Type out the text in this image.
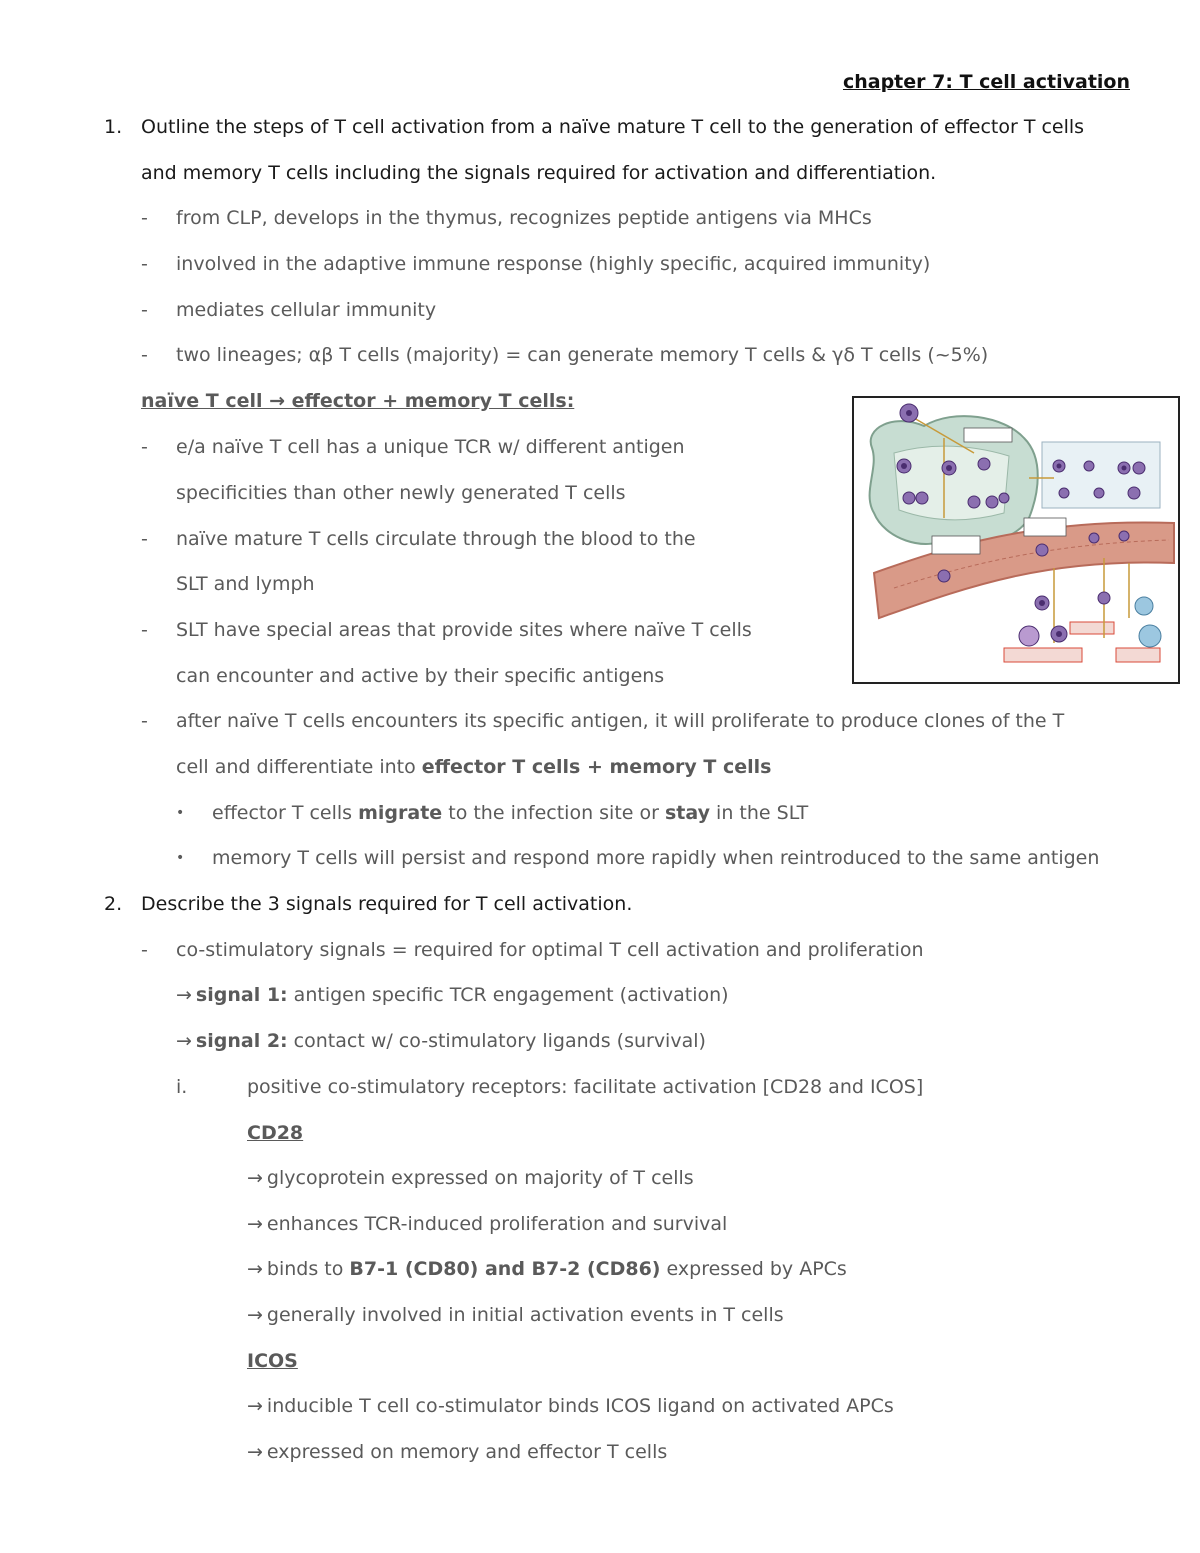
chapter 7: T cell activation
1. Outline the steps of T cell activation from a naïve mature T cell to the generation of effector T cells
and memory T cells including the signals required for activation and differentiation.
- from CLP, develops in the thymus, recognizes peptide antigens via MHCs
- involved in the adaptive immune response (highly specific, acquired immunity)
- mediates cellular immunity
- two lineages; αβ T cells (majority) = can generate memory T cells & γδ T cells (~5%)
naïve T cell → effector + memory T cells:
- e/a naïve T cell has a unique TCR w/ different antigen
specificities than other newly generated T cells
- naïve mature T cells circulate through the blood to the
SLT and lymph
- SLT have special areas that provide sites where naïve T cells
can encounter and active by their specific antigens
- after naïve T cells encounters its specific antigen, it will proliferate to produce clones of the T
cell and differentiate into effector T cells + memory T cells
• effector T cells migrate to the infection site or stay in the SLT
• memory T cells will persist and respond more rapidly when reintroduced to the same antigen
2. Describe the 3 signals required for T cell activation.
- co-stimulatory signals = required for optimal T cell activation and proliferation
→ signal 1: antigen specific TCR engagement (activation)
→ signal 2: contact w/ co-stimulatory ligands (survival)
i.	positive co-stimulatory receptors: facilitate activation [CD28 and ICOS]
CD28
→ glycoprotein expressed on majority of T cells
→ enhances TCR-induced proliferation and survival
→ binds to B7-1 (CD80) and B7-2 (CD86) expressed by APCs
→ generally involved in initial activation events in T cells
ICOS
→ inducible T cell co-stimulator binds ICOS ligand on activated APCs
→ expressed on memory and effector T cells
